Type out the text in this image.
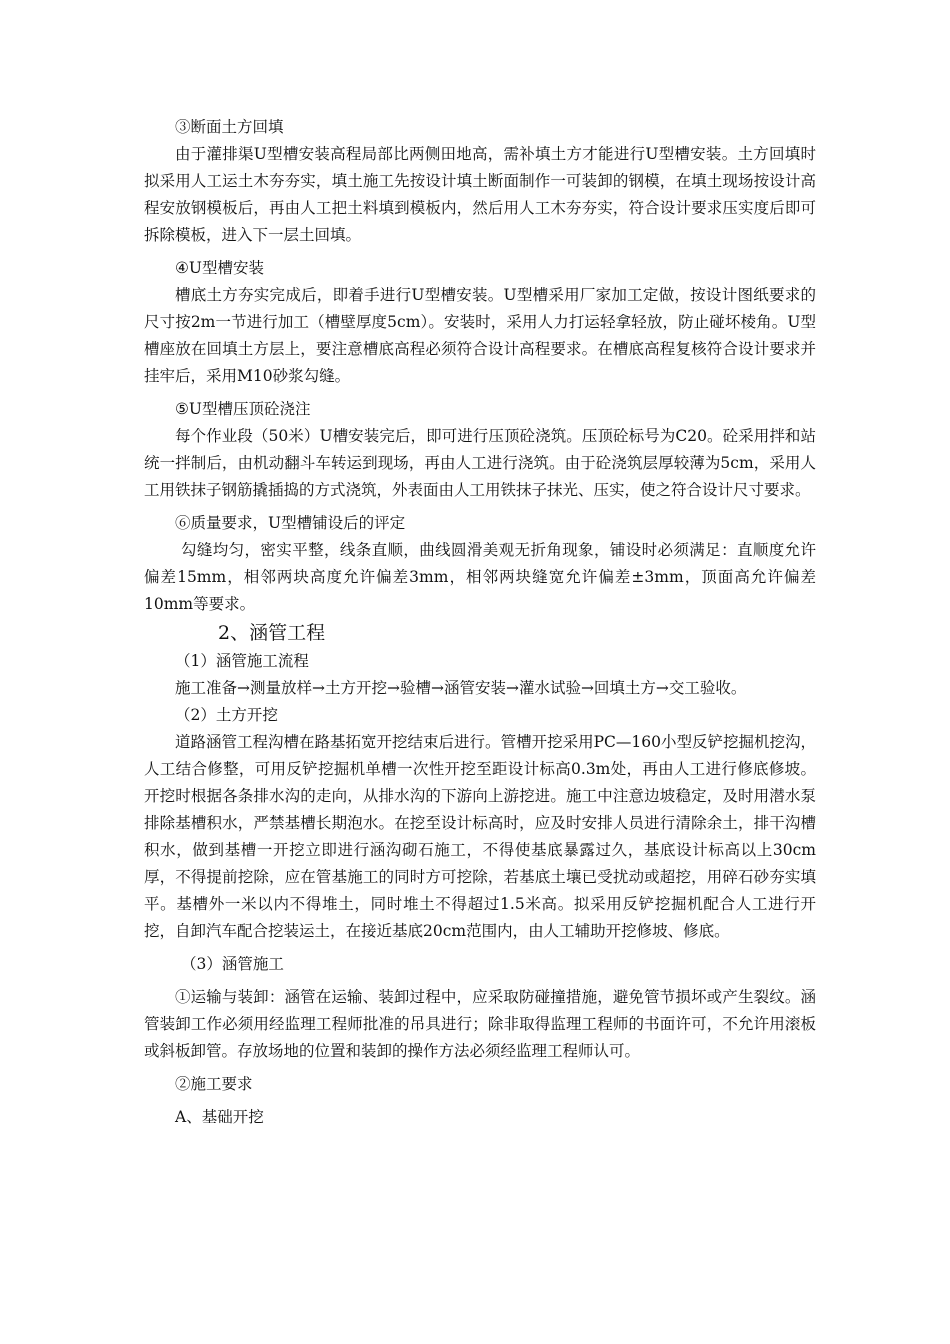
③断面土方回填

由于灌排渠U型槽安装高程局部比两侧田地高，需补填土方才能进行U型槽安装。土方回填时拟采用人工运土木夯夯实，填土施工先按设计填土断面制作一可装卸的钢模，在填土现场按设计高程安放钢模板后，再由人工把土料填到模板内，然后用人工木夯夯实，符合设计要求压实度后即可拆除模板，进入下一层土回填。

④U型槽安装

槽底土方夯实完成后，即着手进行U型槽安装。U型槽采用厂家加工定做，按设计图纸要求的尺寸按2m一节进行加工（槽壁厚度5cm）。安装时，采用人力打运轻拿轻放，防止碰坏棱角。U型槽座放在回填土方层上，要注意槽底高程必须符合设计高程要求。在槽底高程复核符合设计要求并挂牢后，采用M10砂浆勾缝。

⑤U型槽压顶砼浇注

每个作业段（50米）U槽安装完后，即可进行压顶砼浇筑。压顶砼标号为C20。砼采用拌和站统一拌制后，由机动翻斗车转运到现场，再由人工进行浇筑。由于砼浇筑层厚较薄为5cm，采用人工用铁抹子钢筋撬插捣的方式浇筑，外表面由人工用铁抹子抹光、压实，使之符合设计尺寸要求。

⑥质量要求，U型槽铺设后的评定

勾缝均匀，密实平整，线条直顺，曲线圆滑美观无折角现象，铺设时必须满足：直顺度允许偏差15mm，相邻两块高度允许偏差3mm，相邻两块缝宽允许偏差±3mm，顶面高允许偏差10mm等要求。

2、涵管工程

（1）涵管施工流程

施工准备→测量放样→土方开挖→验槽→涵管安装→灌水试验→回填土方→交工验收。

（2）土方开挖

道路涵管工程沟槽在路基拓宽开挖结束后进行。管槽开挖采用PC—160小型反铲挖掘机挖沟，人工结合修整，可用反铲挖掘机单槽一次性开挖至距设计标高0.3m处，再由人工进行修底修坡。开挖时根据各条排水沟的走向，从排水沟的下游向上游挖进。施工中注意边坡稳定，及时用潜水泵排除基槽积水，严禁基槽长期泡水。在挖至设计标高时，应及时安排人员进行清除余土，排干沟槽积水，做到基槽一开挖立即进行涵沟砌石施工，不得使基底暴露过久，基底设计标高以上30cm厚，不得提前挖除，应在管基施工的同时方可挖除，若基底土壤已受扰动或超挖，用碎石砂夯实填平。基槽外一米以内不得堆土，同时堆土不得超过1.5米高。拟采用反铲挖掘机配合人工进行开挖，自卸汽车配合挖装运土，在接近基底20cm范围内，由人工辅助开挖修坡、修底。

（3）涵管施工

①运输与装卸：涵管在运输、装卸过程中，应采取防碰撞措施，避免管节损坏或产生裂纹。涵管装卸工作必须用经监理工程师批准的吊具进行；除非取得监理工程师的书面许可，不允许用滚板或斜板卸管。存放场地的位置和装卸的操作方法必须经监理工程师认可。

②施工要求

A、基础开挖
